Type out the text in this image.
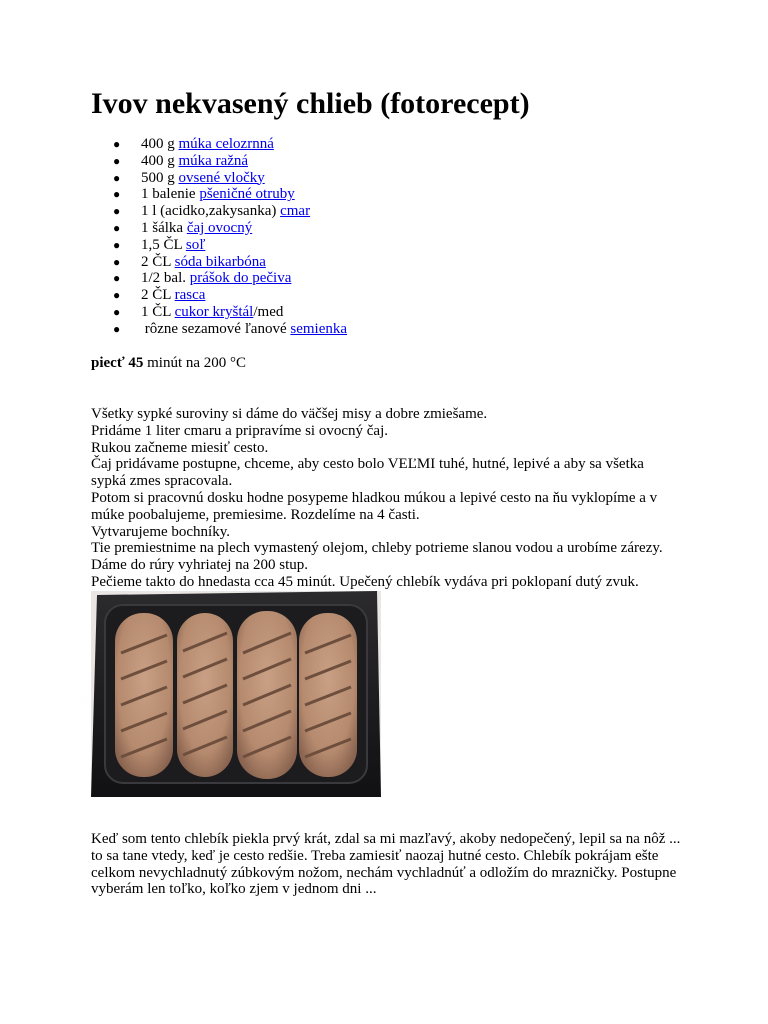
Ivov nekvasený chlieb (fotorecept)
● 400 g múka celozrnná
● 400 g múka ražná
● 500 g ovsené vločky
● 1 balenie pšeničné otruby
● 1 l (acidko,zakysanka) cmar
● 1 šálka čaj ovocný
● 1,5 ČL soľ
● 2 ČL sóda bikarbóna
● 1/2 bal. prášok do pečiva
● 2 ČL rasca
● 1 ČL cukor kryštál/med
● rôzne sezamové ľanové semienka

piecť 45 minút na 200 °C

Všetky sypké suroviny si dáme do väčšej misy a dobre zmiešame.

Pridáme 1 liter cmaru a pripravíme si ovocný čaj.

Rukou začneme miesiť cesto.

Čaj pridávame postupne, chceme, aby cesto bolo VEĽMI tuhé, hutné, lepivé a aby sa všetka sypká zmes spracovala.

Potom si pracovnú dosku hodne posypeme hladkou múkou a lepivé cesto na ňu vyklopíme a v múke poobalujeme, premiesime. Rozdelíme na 4 časti.

Vytvarujeme bochníky.

Tie premiestnime na plech vymastený olejom, chleby potrieme slanou vodou a urobíme zárezy. Dáme do rúry vyhriatej na 200 stup.

Pečieme takto do hnedasta cca 45 minút. Upečený chlebík vydáva pri poklopaní dutý zvuk.

Keď som tento chlebík piekla prvý krát, zdal sa mi mazľavý, akoby nedopečený, lepil sa na nôž ... to sa tane vtedy, keď je cesto redšie. Treba zamiesiť naozaj hutné cesto. Chlebík pokrájam ešte celkom nevychladnutý zúbkovým nožom, nechám vychladnúť a odložím do mrazničky. Postupne vyberám len toľko, koľko zjem v jednom dni ...
